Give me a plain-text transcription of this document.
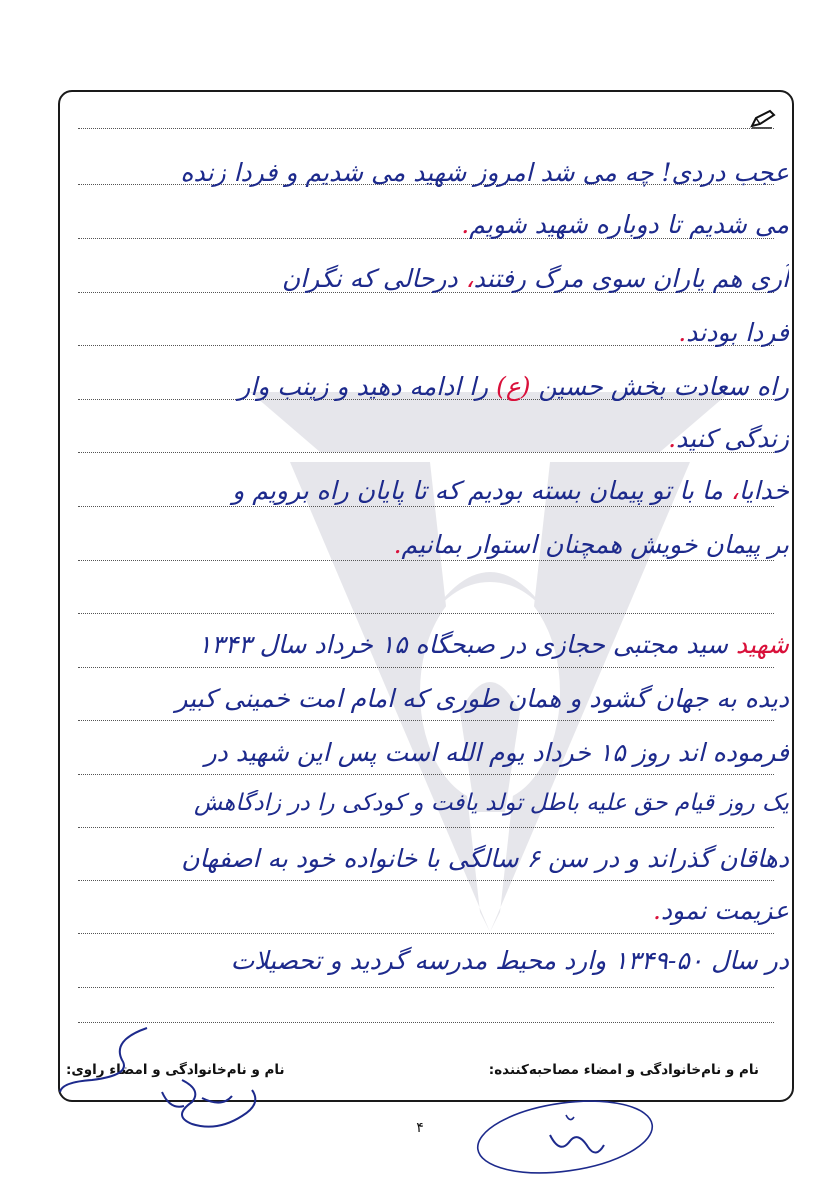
عجب دردی! چه می شد امروز شهید می شدیم و فردا زنده
می شدیم تا دوباره شهید شویم.
آری هم یاران سوی مرگ رفتند، درحالی که نگران
فردا بودند.
راه سعادت بخش حسین (ع) را ادامه دهید و زینب وار
زندگی کنید.
خدایا، ما با تو پیمان بسته بودیم که تا پایان راه برویم و
بر پیمان خویش همچنان استوار بمانیم.
شهید سید مجتبی حجازی در صبحگاه ۱۵ خرداد سال ۱۳۴۳
دیده به جهان گشود و همان طوری که امام امت خمینی کبیر
فرموده اند روز ۱۵ خرداد یوم الله است پس این شهید در
یک روز قیام حق علیه باطل تولد یافت و کودکی را در زادگاهش
دهاقان گذراند و در سن ۶ سالگی با خانواده خود به اصفهان
عزیمت نمود.
در سال ۵۰-۱۳۴۹ وارد محیط مدرسه گردید و تحصیلات
نام و نام‌خانوادگی و امضاء مصاحبه‌کننده:
نام و نام‌خانوادگی و امضاء راوی:
۴
